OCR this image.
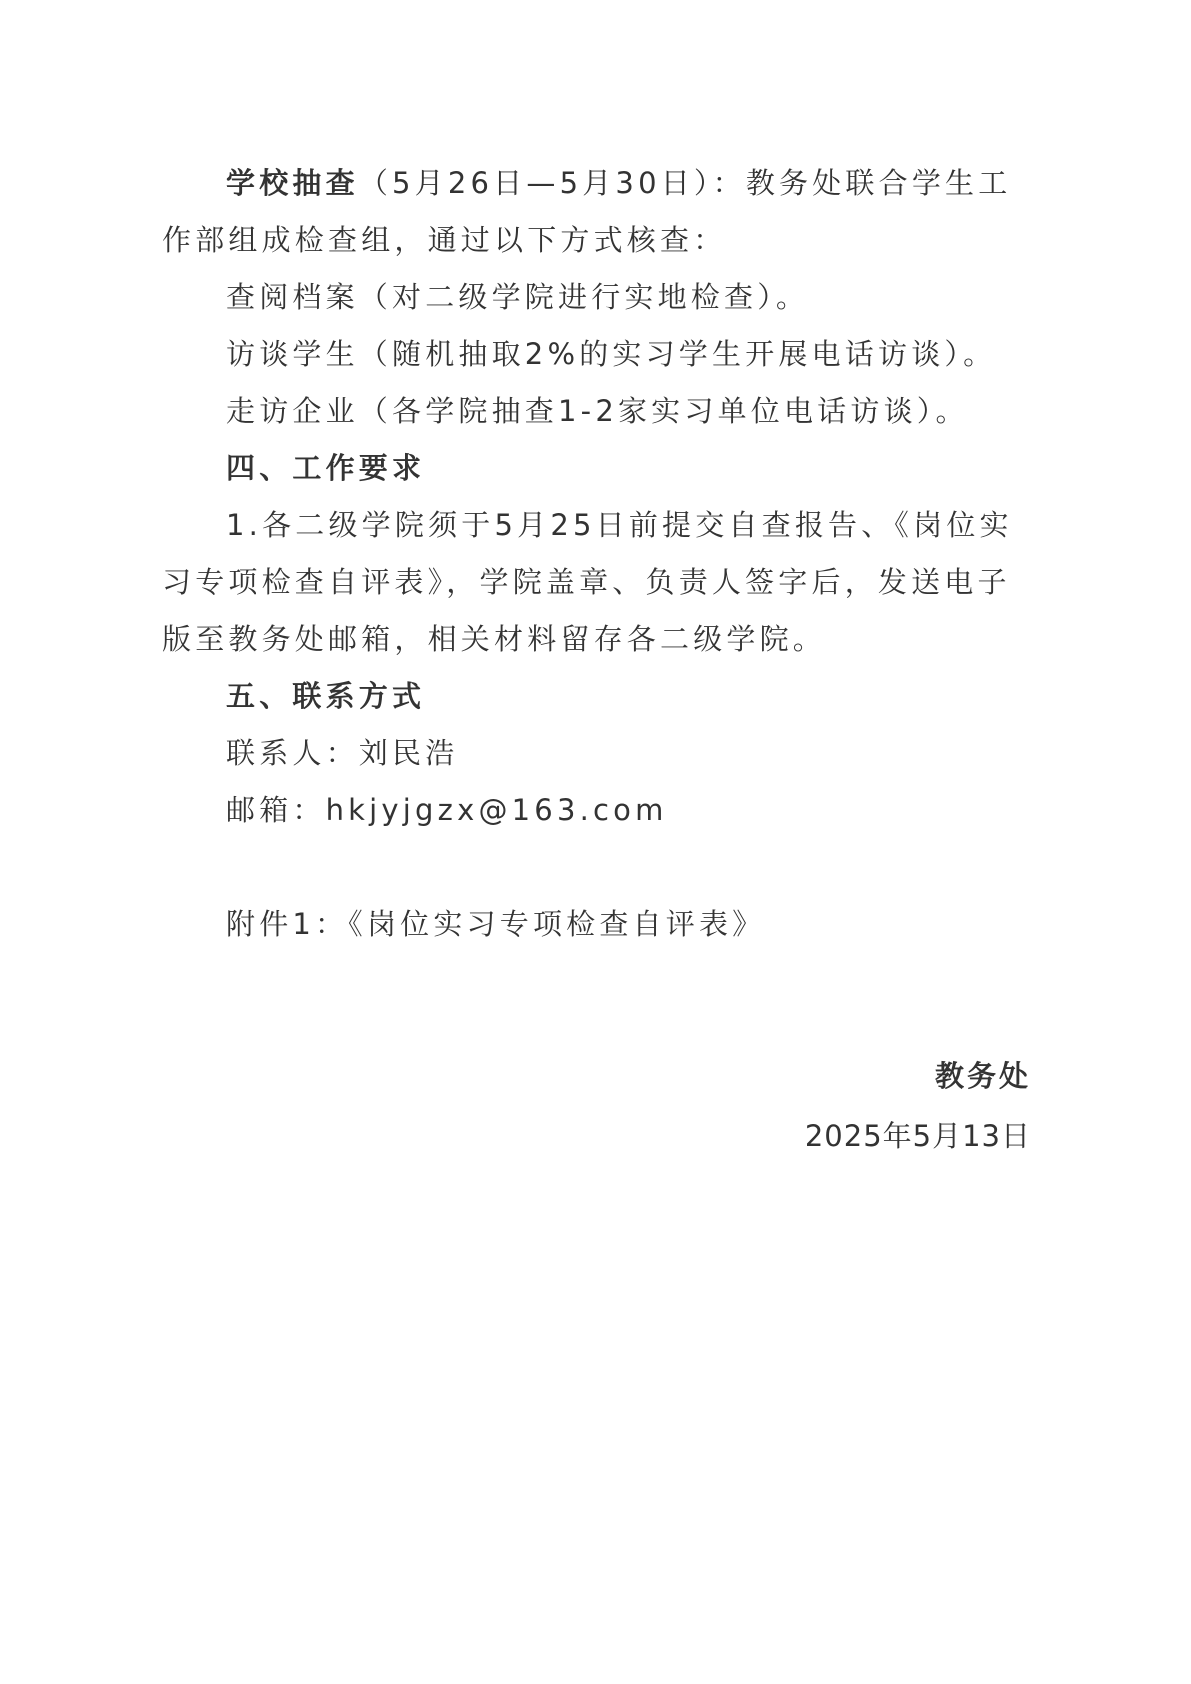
学校抽查（5月26日—5月30日）：教务处联合学生工作部组成检查组，通过以下方式核查：

查阅档案（对二级学院进行实地检查）。

访谈学生（随机抽取2%的实习学生开展电话访谈）。

走访企业（各学院抽查1-2家实习单位电话访谈）。

四、工作要求

1.各二级学院须于5月25日前提交自查报告、《岗位实习专项检查自评表》，学院盖章、负责人签字后，发送电子版至教务处邮箱，相关材料留存各二级学院。

五、联系方式

联系人：刘民浩

邮箱：hkjyjgzx@163.com

附件1：《岗位实习专项检查自评表》

教务处
2025年5月13日
